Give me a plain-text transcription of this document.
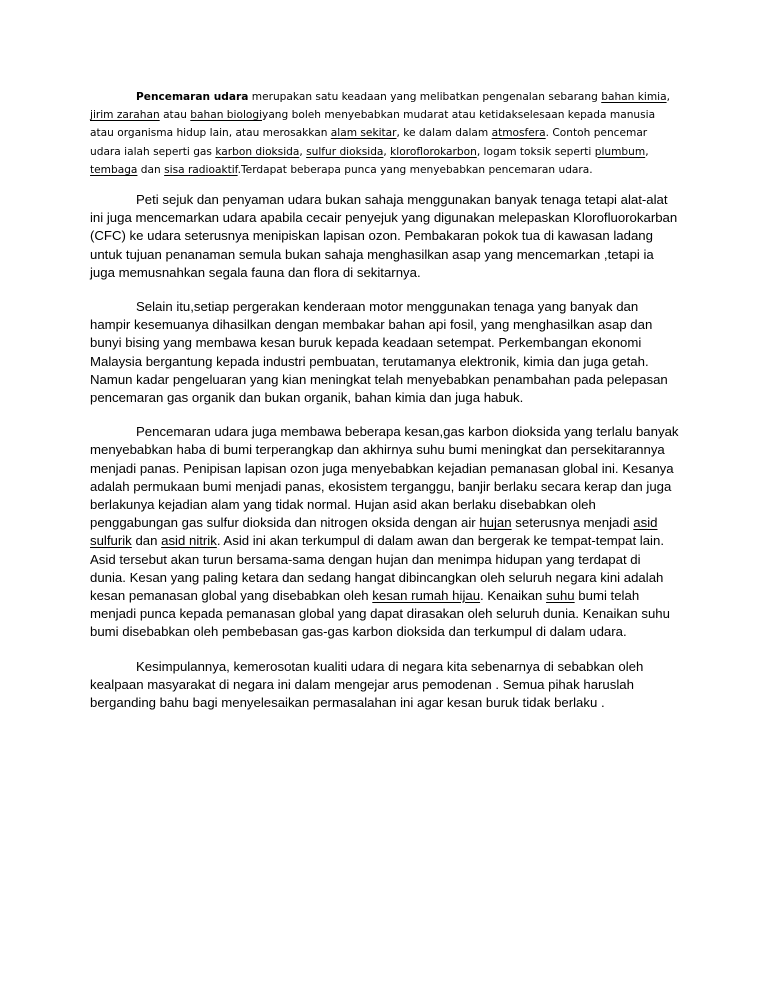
Pencemaran udara merupakan satu keadaan yang melibatkan pengenalan sebarang bahan kimia, jirim zarahan atau bahan biologiyang boleh menyebabkan mudarat atau ketidakselesaan kepada manusia atau organisma hidup lain, atau merosakkan alam sekitar, ke dalam dalam atmosfera. Contoh pencemar udara ialah seperti gas karbon dioksida, sulfur dioksida, kloroflorokarbon, logam toksik seperti plumbum, tembaga dan sisa radioaktif.Terdapat beberapa punca yang menyebabkan pencemaran udara.

Peti sejuk dan penyaman udara bukan sahaja menggunakan banyak tenaga tetapi alat-alat ini juga mencemarkan udara apabila cecair penyejuk yang digunakan melepaskan Klorofluorokarban (CFC) ke udara seterusnya menipiskan lapisan ozon. Pembakaran pokok tua di kawasan ladang untuk tujuan penanaman semula bukan sahaja menghasilkan asap yang mencemarkan ,tetapi ia juga memusnahkan segala fauna dan flora di sekitarnya.

Selain itu,setiap pergerakan kenderaan motor menggunakan tenaga yang banyak dan hampir kesemuanya dihasilkan dengan membakar bahan api fosil, yang menghasilkan asap dan bunyi bising yang membawa kesan buruk kepada keadaan setempat. Perkembangan ekonomi Malaysia bergantung kepada industri pembuatan, terutamanya elektronik, kimia dan juga getah. Namun kadar pengeluaran yang kian meningkat telah menyebabkan penambahan pada pelepasan pencemaran gas organik dan bukan organik, bahan kimia dan juga habuk.

Pencemaran udara juga membawa beberapa kesan,gas karbon dioksida yang terlalu banyak menyebabkan haba di bumi terperangkap dan akhirnya suhu bumi meningkat dan persekitarannya menjadi panas. Penipisan lapisan ozon juga menyebabkan kejadian pemanasan global ini. Kesanya adalah permukaan bumi menjadi panas, ekosistem terganggu, banjir berlaku secara kerap dan juga berlakunya kejadian alam yang tidak normal. Hujan asid akan berlaku disebabkan oleh penggabungan gas sulfur dioksida dan nitrogen oksida dengan air hujan seterusnya menjadi asid sulfurik dan asid nitrik. Asid ini akan terkumpul di dalam awan dan bergerak ke tempat-tempat lain. Asid tersebut akan turun bersama-sama dengan hujan dan menimpa hidupan yang terdapat di dunia. Kesan yang paling ketara dan sedang hangat dibincangkan oleh seluruh negara kini adalah kesan pemanasan global yang disebabkan oleh kesan rumah hijau. Kenaikan suhu bumi telah menjadi punca kepada pemanasan global yang dapat dirasakan oleh seluruh dunia. Kenaikan suhu bumi disebabkan oleh pembebasan gas-gas karbon dioksida dan terkumpul di dalam udara.

Kesimpulannya, kemerosotan kualiti udara di negara kita sebenarnya di sebabkan oleh kealpaan masyarakat di negara ini dalam mengejar arus pemodenan . Semua pihak haruslah berganding bahu bagi menyelesaikan permasalahan ini agar kesan buruk tidak berlaku .
